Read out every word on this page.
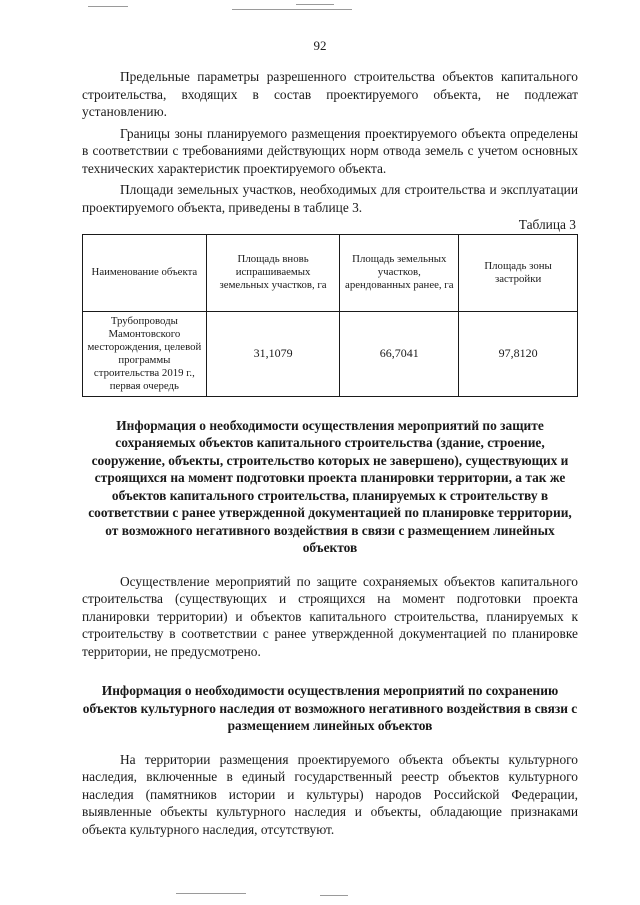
92

Предельные параметры разрешенного строительства объектов капитального строительства, входящих в состав проектируемого объекта, не подлежат установлению.

Границы зоны планируемого размещения проектируемого объекта определены в соответствии с требованиями действующих норм отвода земель с учетом основных технических характеристик проектируемого объекта.

Площади земельных участков, необходимых для строительства и эксплуатации проектируемого объекта, приведены в таблице 3.

Таблица 3

Наименование объекта	Площадь вновь испрашиваемых земельных участков, га	Площадь земельных участков, арендованных ранее, га	Площадь зоны застройки
Трубопроводы Мамонтовского месторождения, целевой программы строительства 2019 г., первая очередь	31,1079	66,7041	97,8120

Информация о необходимости осуществления мероприятий по защите сохраняемых объектов капитального строительства (здание, строение, сооружение, объекты, строительство которых не завершено), существующих и строящихся на момент подготовки проекта планировки территории, а так же объектов капитального строительства, планируемых к строительству в соответствии с ранее утвержденной документацией по планировке территории, от возможного негативного воздействия в связи с размещением линейных объектов

Осуществление мероприятий по защите сохраняемых объектов капитального строительства (существующих и строящихся на момент подготовки проекта планировки территории) и объектов капитального строительства, планируемых к строительству в соответствии с ранее утвержденной документацией по планировке территории, не предусмотрено.

Информация о необходимости осуществления мероприятий по сохранению объектов культурного наследия от возможного негативного воздействия в связи с размещением линейных объектов

На территории размещения проектируемого объекта объекты культурного наследия, включенные в единый государственный реестр объектов культурного наследия (памятников истории и культуры) народов Российской Федерации, выявленные объекты культурного наследия и объекты, обладающие признаками объекта культурного наследия, отсутствуют.
